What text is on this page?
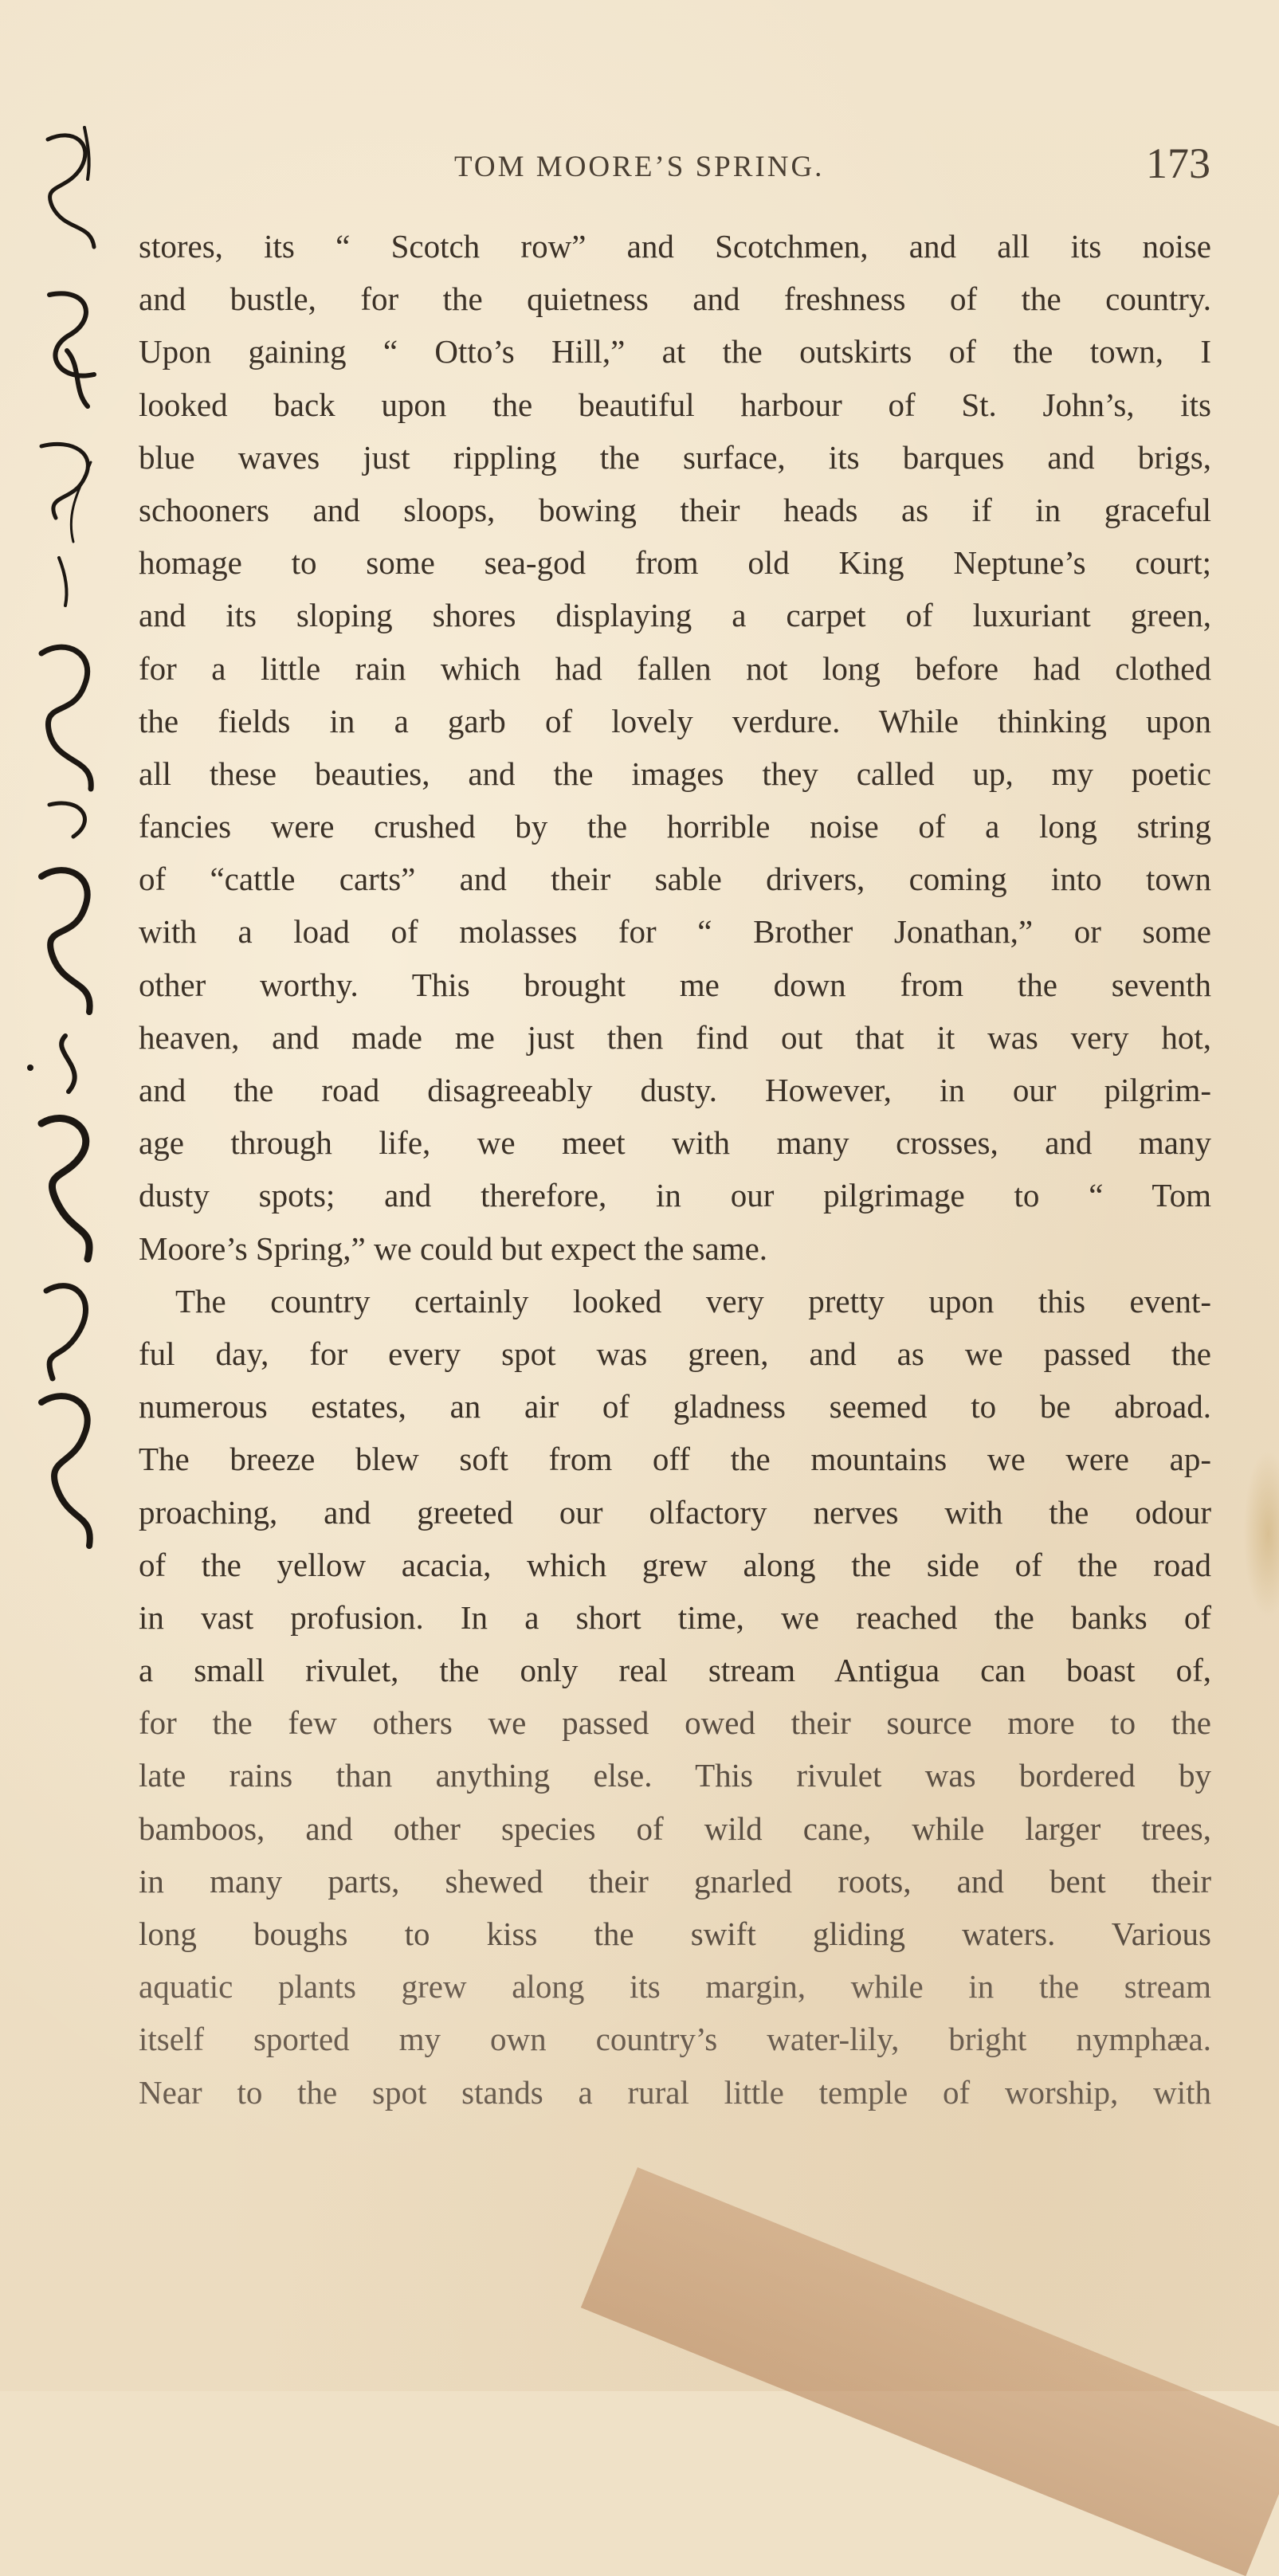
TOM MOORE’S SPRING.	173
stores, its “ Scotch row” and Scotchmen, and all its noise
and bustle, for the quietness and freshness of the country.
Upon gaining “ Otto’s Hill,” at the outskirts of the town, I
looked back upon the beautiful harbour of St. John’s, its
blue waves just rippling the surface, its barques and brigs,
schooners and sloops, bowing their heads as if in graceful
homage to some sea-god from old King Neptune’s court;
and its sloping shores displaying a carpet of luxuriant green,
for a little rain which had fallen not long before had clothed
the fields in a garb of lovely verdure. While thinking upon
all these beauties, and the images they called up, my poetic
fancies were crushed by the horrible noise of a long string
of “cattle carts” and their sable drivers, coming into town
with a load of molasses for “ Brother Jonathan,” or some
other worthy. This brought me down from the seventh
heaven, and made me just then find out that it was very hot,
and the road disagreeably dusty. However, in our pilgrim-
age through life, we meet with many crosses, and many
dusty spots; and therefore, in our pilgrimage to “ Tom
Moore’s Spring,” we could but expect the same.
The country certainly looked very pretty upon this event-
ful day, for every spot was green, and as we passed the
numerous estates, an air of gladness seemed to be abroad.
The breeze blew soft from off the mountains we were ap-
proaching, and greeted our olfactory nerves with the odour
of the yellow acacia, which grew along the side of the road
in vast profusion. In a short time, we reached the banks of
a small rivulet, the only real stream Antigua can boast of,
for the few others we passed owed their source more to the
late rains than anything else. This rivulet was bordered by
bamboos, and other species of wild cane, while larger trees,
in many parts, shewed their gnarled roots, and bent their
long boughs to kiss the swift gliding waters. Various
aquatic plants grew along its margin, while in the stream
itself sported my own country’s water-lily, bright nymphæa.
Near to the spot stands a rural little temple of worship, with
